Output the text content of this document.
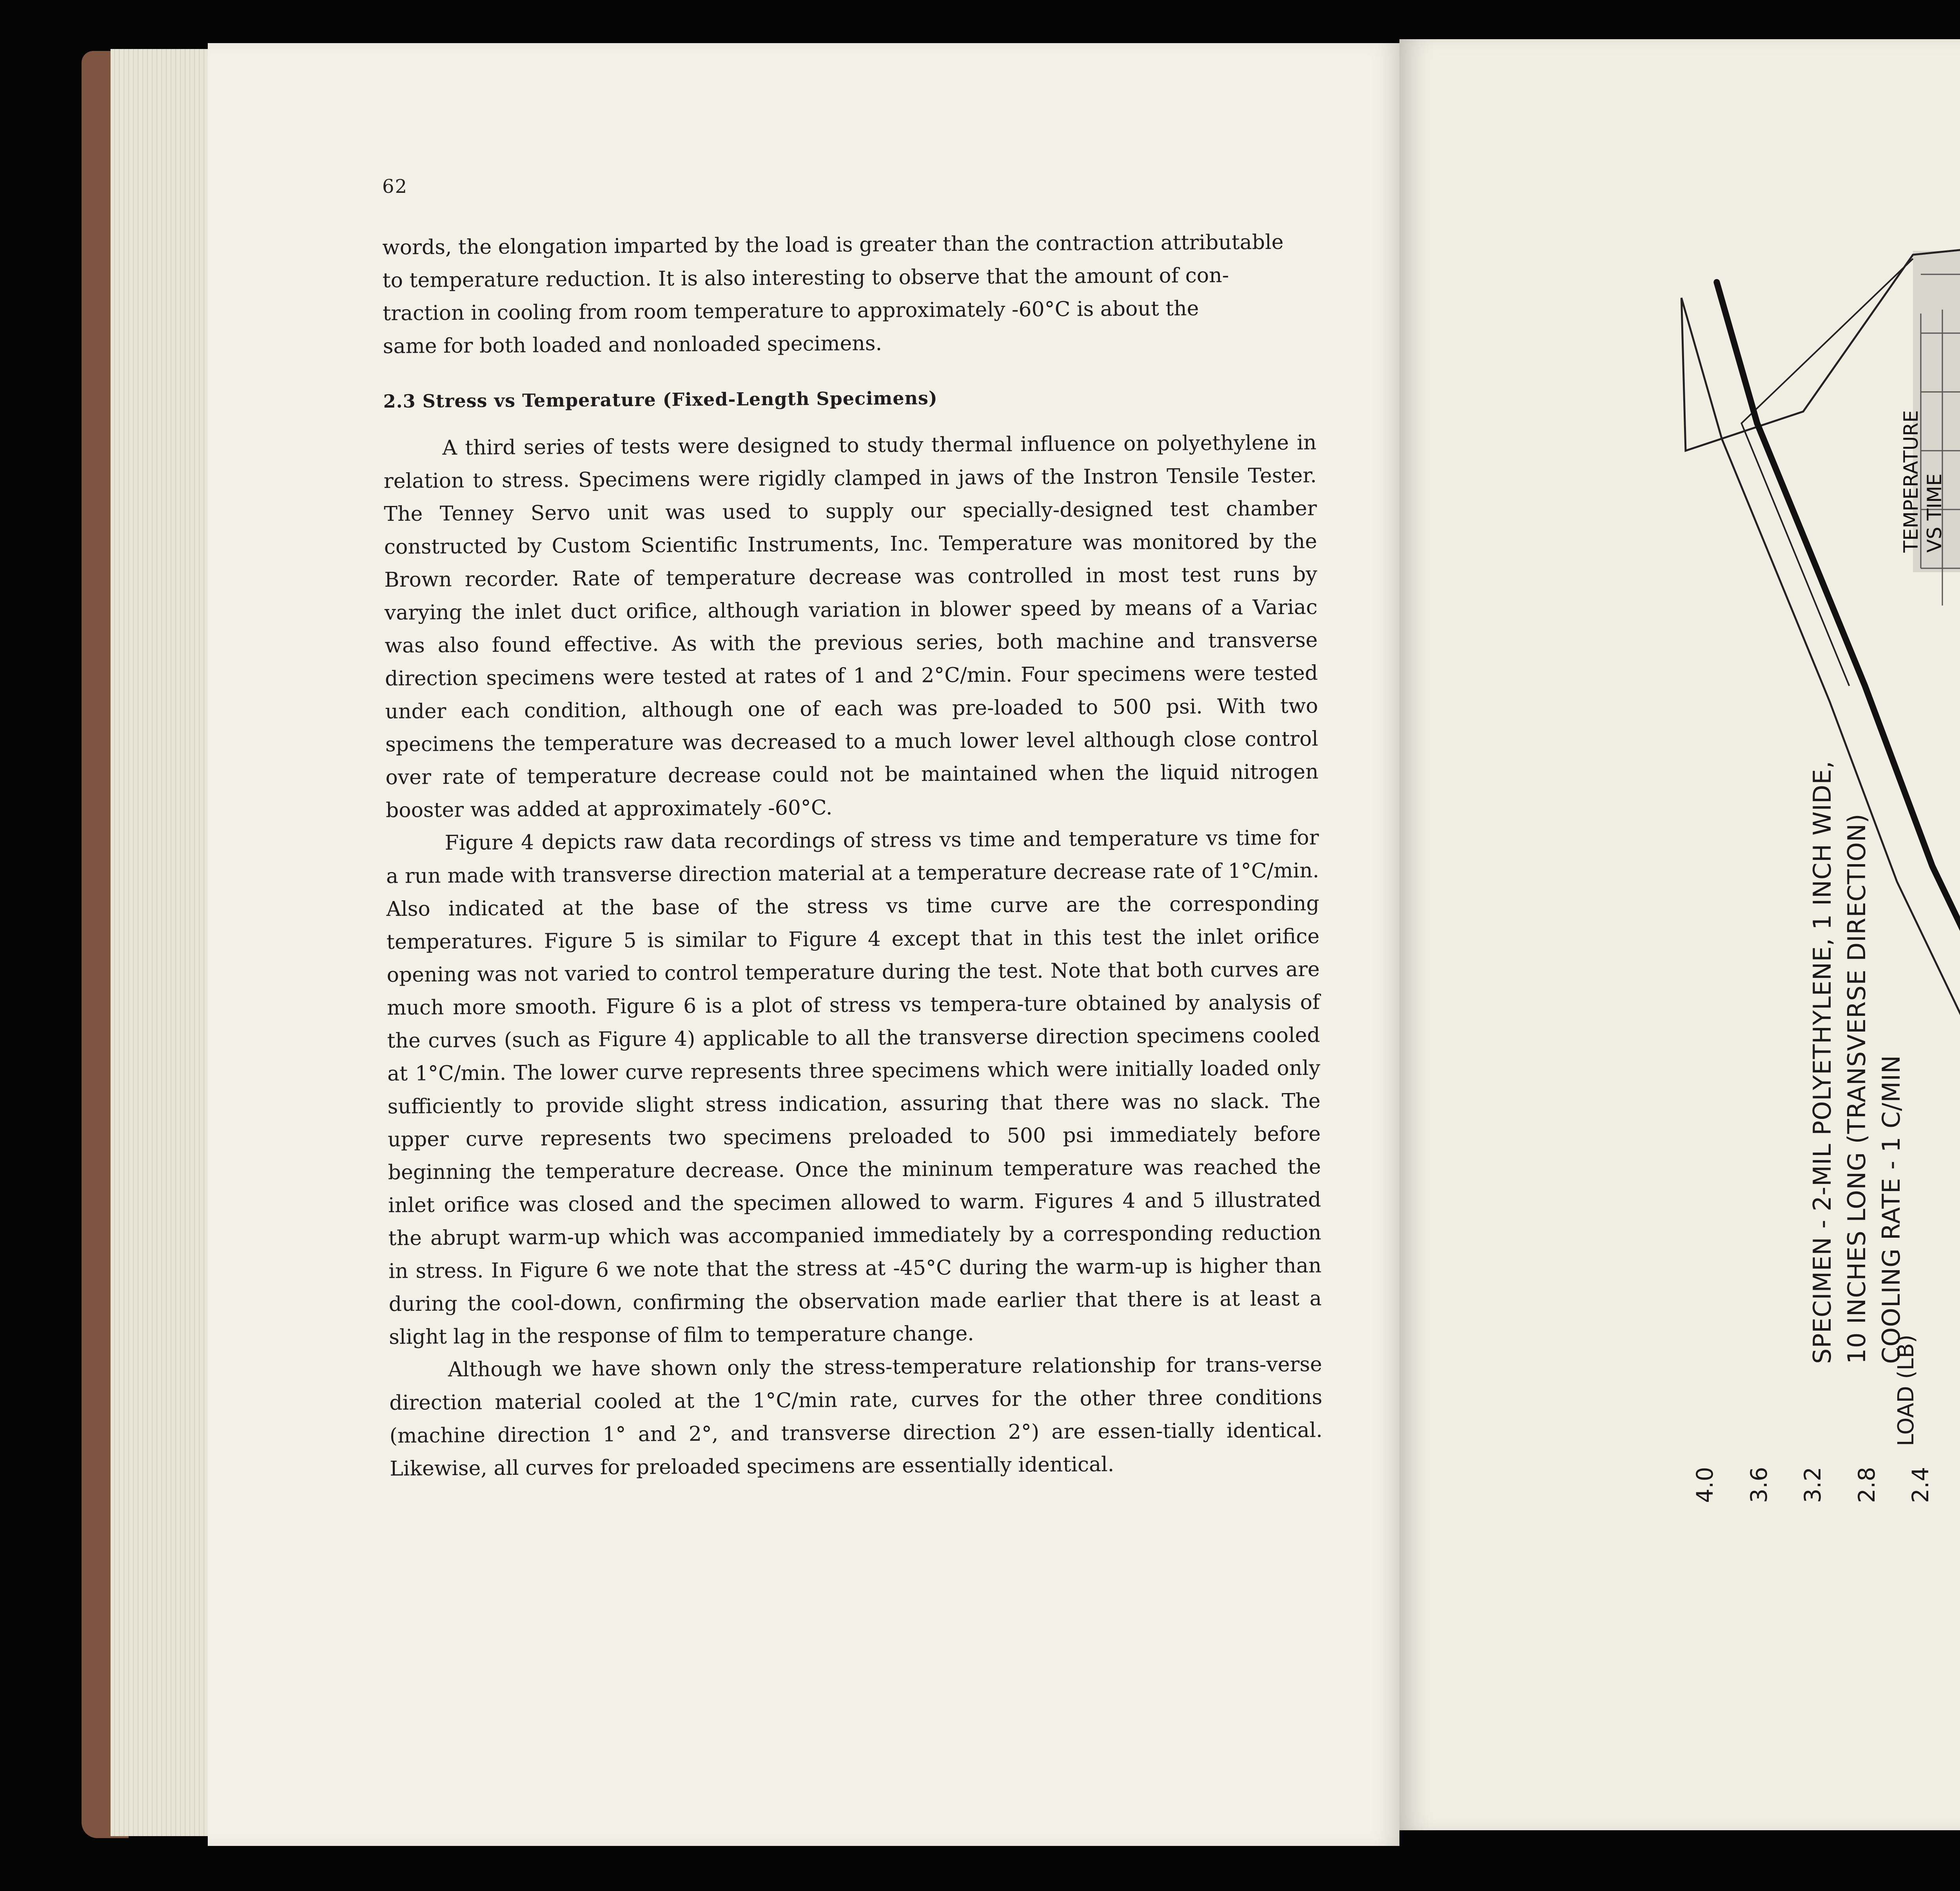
62

words, the elongation imparted by the load is greater than the contraction attributable

to temperature reduction. It is also interesting to observe that the amount of con-

traction in cooling from room temperature to approximately -60°C is about the

same for both loaded and nonloaded specimens.

2.3 Stress vs Temperature (Fixed-Length Specimens)

A third series of tests were designed to study thermal influence on polyethylene in relation to stress. Specimens were rigidly clamped in jaws of the Instron Tensile Tester. The Tenney Servo unit was used to supply our specially-designed test chamber constructed by Custom Scientific Instruments, Inc. Temperature was monitored by the Brown recorder. Rate of temperature decrease was controlled in most test runs by varying the inlet duct orifice, although variation in blower speed by means of a Variac was also found effective. As with the previous series, both machine and transverse direction specimens were tested at rates of 1 and 2°C/min. Four specimens were tested under each condition, although one of each was pre-loaded to 500 psi. With two specimens the temperature was decreased to a much lower level although close control over rate of temperature decrease could not be maintained when the liquid nitrogen booster was added at approximately -60°C.

Figure 4 depicts raw data recordings of stress vs time and temperature vs time for a run made with transverse direction material at a temperature decrease rate of 1°C/min. Also indicated at the base of the stress vs time curve are the corresponding temperatures. Figure 5 is similar to Figure 4 except that in this test the inlet orifice opening was not varied to control temperature during the test. Note that both curves are much more smooth. Figure 6 is a plot of stress vs tempera-ture obtained by analysis of the curves (such as Figure 4) applicable to all the transverse direction specimens cooled at 1°C/min. The lower curve represents three specimens which were initially loaded only sufficiently to provide slight stress indication, assuring that there was no slack. The upper curve represents two specimens preloaded to 500 psi immediately before beginning the temperature decrease. Once the mininum temperature was reached the inlet orifice was closed and the specimen allowed to warm. Figures 4 and 5 illustrated the abrupt warm-up which was accompanied immediately by a corresponding reduction in stress. In Figure 6 we note that the stress at -45°C during the warm-up is higher than during the cool-down, confirming the observation made earlier that there is at least a slight lag in the response of film to temperature change.

Although we have shown only the stress-temperature relationship for trans-verse direction material cooled at the 1°C/min rate, curves for the other three conditions (machine direction 1° and 2°, and transverse direction 2°) are essen-tially identical. Likewise, all curves for preloaded specimens are essentially identical.

SPECIMEN - 2-MIL POLYETHYLENE, 1 INCH WIDE, 10 INCHES LONG (TRANSVERSE DIRECTION) COOLING RATE - 1 C/MIN
LOAD (LB)
TEMPERATURE VS TIME
4.0 3.6 3.2 2.8 2.4
